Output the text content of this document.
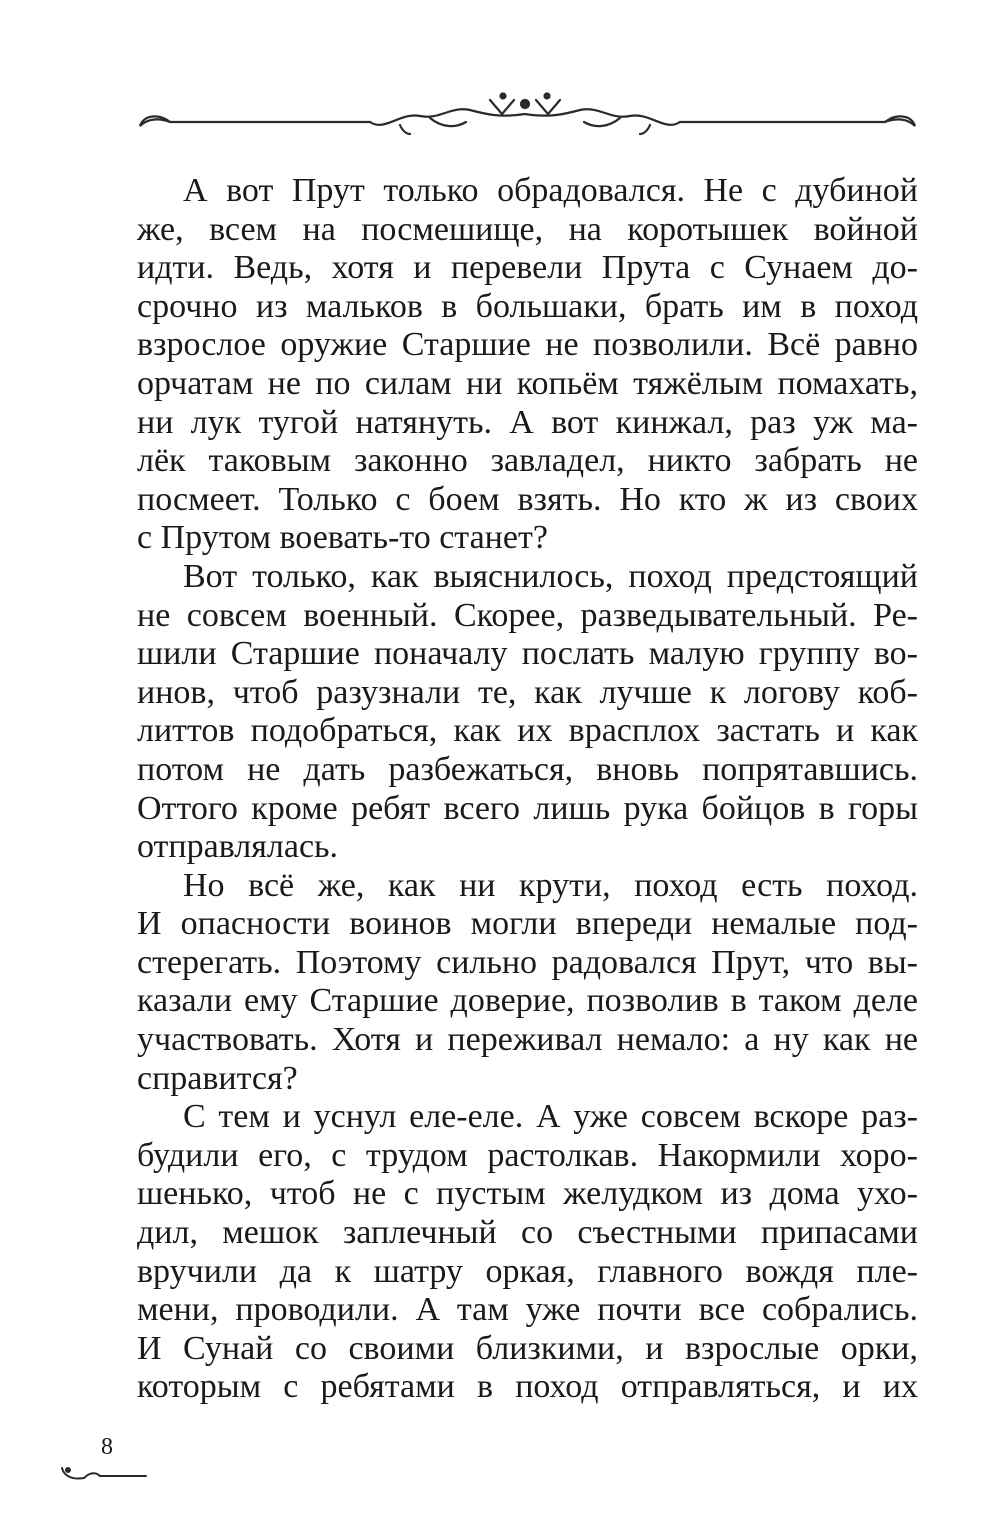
А вот Прут только обрадовался. Не с дубиной
же, всем на посмешище, на коротышек войной
идти. Ведь, хотя и перевели Прута с Сунаем до-
срочно из мальков в большаки, брать им в поход
взрослое оружие Старшие не позволили. Всё равно
орчатам не по силам ни копьём тяжёлым помахать,
ни лук тугой натянуть. А вот кинжал, раз уж ма-
лёк таковым законно завладел, никто забрать не
посмеет. Только с боем взять. Но кто ж из своих
с Прутом воевать-то станет?
Вот только, как выяснилось, поход предстоящий
не совсем военный. Скорее, разведывательный. Ре-
шили Старшие поначалу послать малую группу во-
инов, чтоб разузнали те, как лучше к логову коб-
литтов подобраться, как их врасплох застать и как
потом не дать разбежаться, вновь попрятавшись.
Оттого кроме ребят всего лишь рука бойцов в горы
отправлялась.
Но всё же, как ни крути, поход есть поход.
И опасности воинов могли впереди немалые под-
стерегать. Поэтому сильно радовался Прут, что вы-
казали ему Старшие доверие, позволив в таком деле
участвовать. Хотя и переживал немало: а ну как не
справится?
С тем и уснул еле-еле. А уже совсем вскоре раз-
будили его, с трудом растолкав. Накормили хоро-
шенько, чтоб не с пустым желудком из дома ухо-
дил, мешок заплечный со съестными припасами
вручили да к шатру оркая, главного вождя пле-
мени, проводили. А там уже почти все собрались.
И Сунай со своими близкими, и взрослые орки,
которым с ребятами в поход отправляться, и их
8
